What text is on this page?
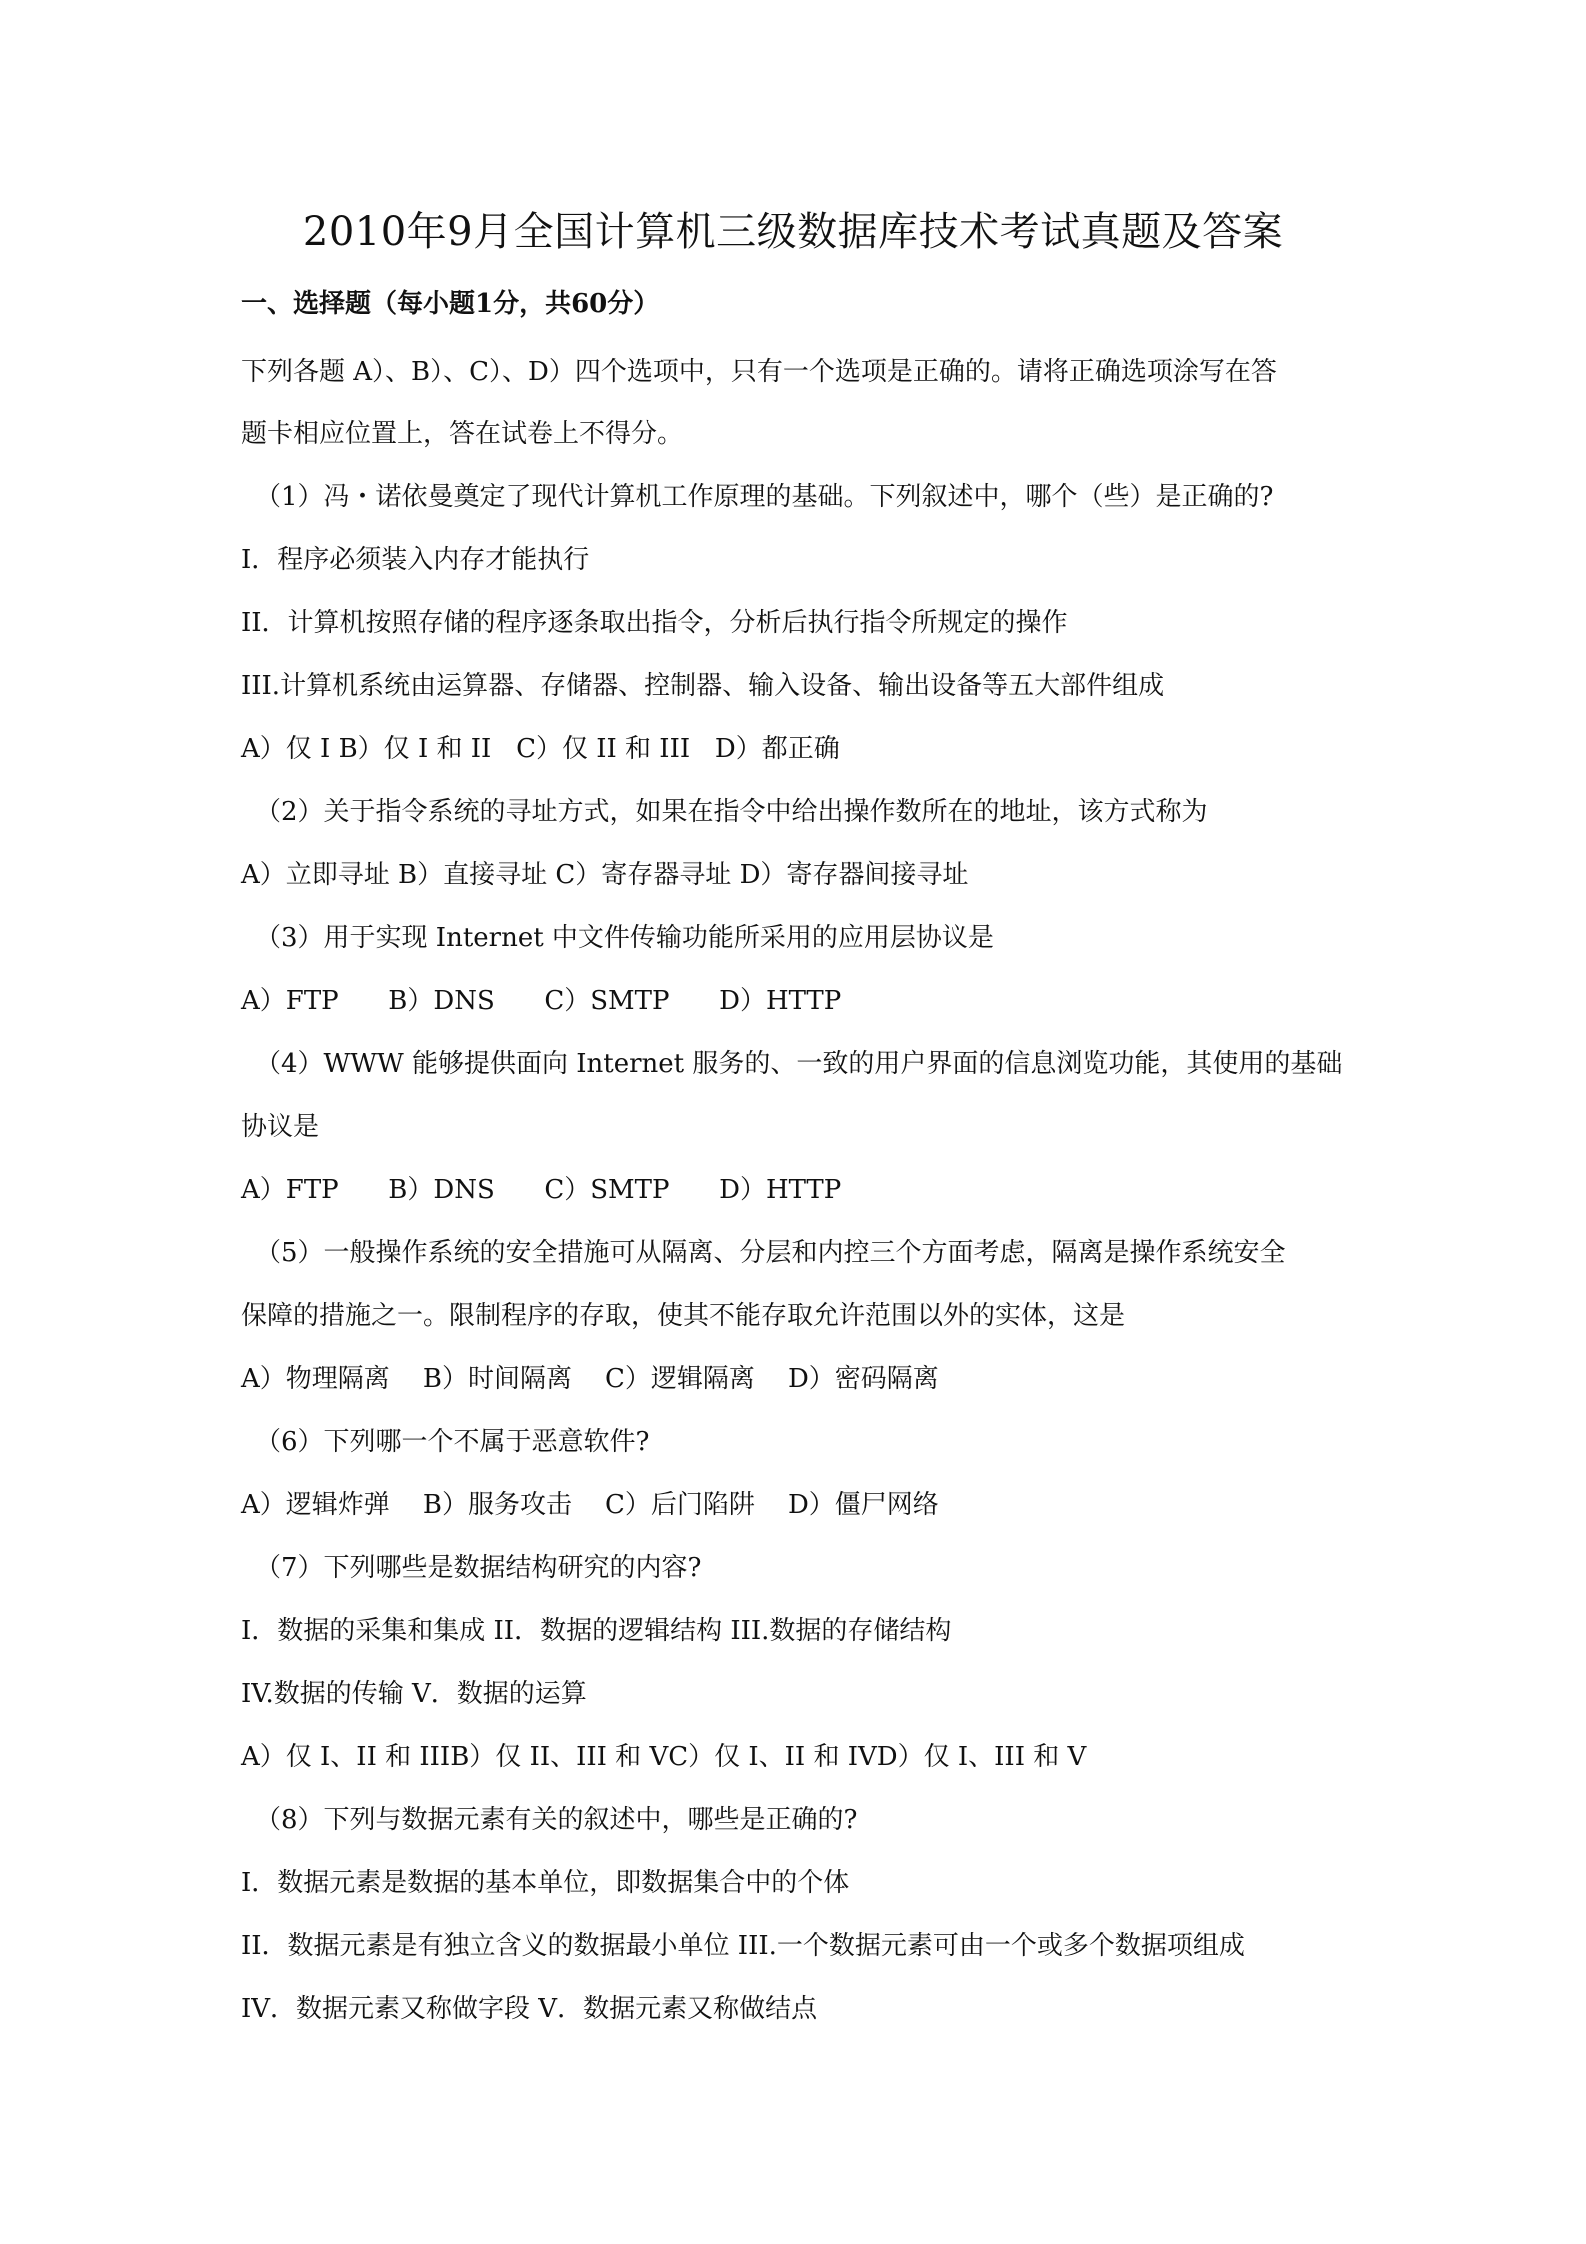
2010年9月全国计算机三级数据库技术考试真题及答案
一、选择题（每小题1分，共60分）
下列各题 A）、B）、C）、D）四个选项中，只有一个选项是正确的。请将正确选项涂写在答
题卡相应位置上，答在试卷上不得分。
（1）冯・诺依曼奠定了现代计算机工作原理的基础。下列叙述中，哪个（些）是正确的?
I．程序必须装入内存才能执行
II．计算机按照存储的程序逐条取出指令，分析后执行指令所规定的操作
III.计算机系统由运算器、存储器、控制器、输入设备、输出设备等五大部件组成
A）仅 I B）仅 I 和 II   C）仅 II 和 III   D）都正确
（2）关于指令系统的寻址方式，如果在指令中给出操作数所在的地址，该方式称为
A）立即寻址 B）直接寻址 C）寄存器寻址 D）寄存器间接寻址
（3）用于实现 Internet 中文件传输功能所采用的应用层协议是
A）FTP      B）DNS      C）SMTP      D）HTTP
（4）WWW 能够提供面向 Internet 服务的、一致的用户界面的信息浏览功能，其使用的基础
协议是
A）FTP      B）DNS      C）SMTP      D）HTTP
（5）一般操作系统的安全措施可从隔离、分层和内控三个方面考虑，隔离是操作系统安全
保障的措施之一。限制程序的存取，使其不能存取允许范围以外的实体，这是
A）物理隔离    B）时间隔离    C）逻辑隔离    D）密码隔离
（6）下列哪一个不属于恶意软件?
A）逻辑炸弹    B）服务攻击    C）后门陷阱    D）僵尸网络
（7）下列哪些是数据结构研究的内容?
I．数据的采集和集成 II．数据的逻辑结构 III.数据的存储结构
IV.数据的传输 V．数据的运算
A）仅 I、II 和 IIIB）仅 II、III 和 VC）仅 I、II 和 IVD）仅 I、III 和 V
（8）下列与数据元素有关的叙述中，哪些是正确的?
I．数据元素是数据的基本单位，即数据集合中的个体
II．数据元素是有独立含义的数据最小单位 III.一个数据元素可由一个或多个数据项组成
IV．数据元素又称做字段 V．数据元素又称做结点
